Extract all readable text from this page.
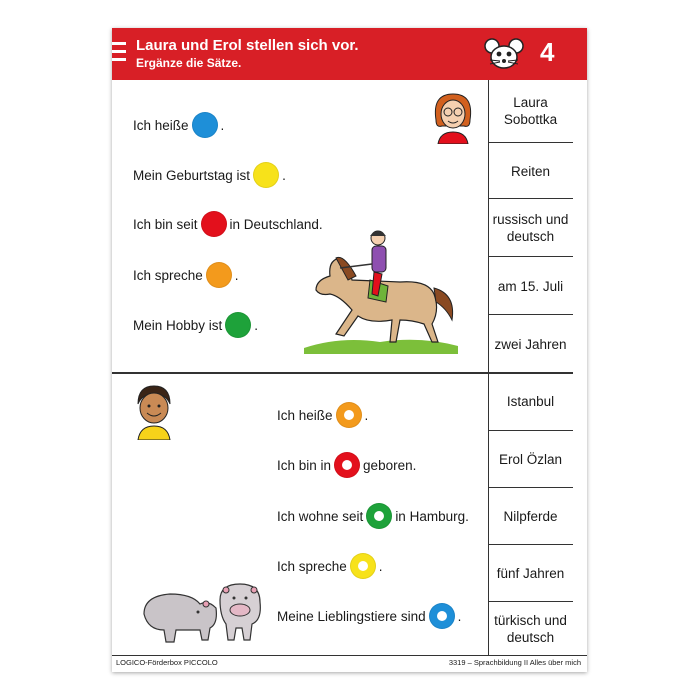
Laura und Erol stellen sich vor.
Ergänze die Sätze.	4
Ich heiße .
Mein Geburtstag ist .
Ich bin seit in Deutschland.
Ich spreche .
Mein Hobby ist .
Ich heiße .
Ich bin in geboren.
Ich wohne seit in Hamburg.
Ich spreche .
Meine Lieblingstiere sind .
Laura Sobottka
Reiten
russisch und deutsch
am 15. Juli
zwei Jahren
Istanbul
Erol Özlan
Nilpferde
fünf Jahren
türkisch und deutsch
LOGICO-Förderbox PICCOLO	3319 – Sprachbildung II Alles über mich
